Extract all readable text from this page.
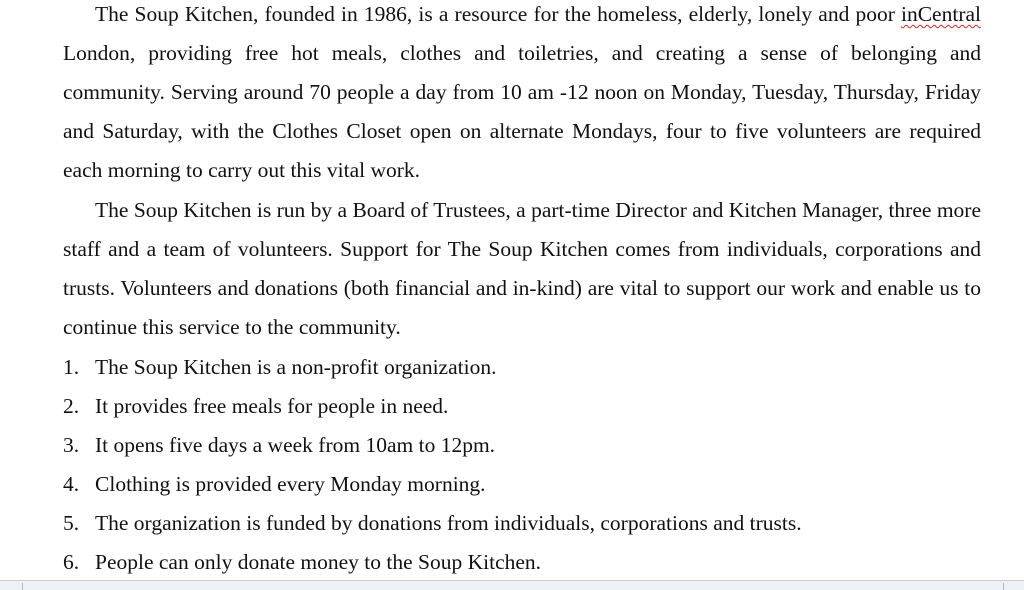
The Soup Kitchen, founded in 1986, is a resource for the homeless, elderly, lonely and poor inCentral London, providing free hot meals, clothes and toiletries, and creating a sense of belonging and community. Serving around 70 people a day from 10 am -12 noon on Monday, Tuesday, Thursday, Friday and Saturday, with the Clothes Closet open on alternate Mondays, four to five volunteers are required each morning to carry out this vital work.

The Soup Kitchen is run by a Board of Trustees, a part-time Director and Kitchen Manager, three more staff and a team of volunteers. Support for The Soup Kitchen comes from individuals, corporations and trusts. Volunteers and donations (both financial and in-kind) are vital to support our work and enable us to continue this service to the community.

1. The Soup Kitchen is a non-profit organization.
2. It provides free meals for people in need.
3. It opens five days a week from 10am to 12pm.
4. Clothing is provided every Monday morning.
5. The organization is funded by donations from individuals, corporations and trusts.
6. People can only donate money to the Soup Kitchen.
